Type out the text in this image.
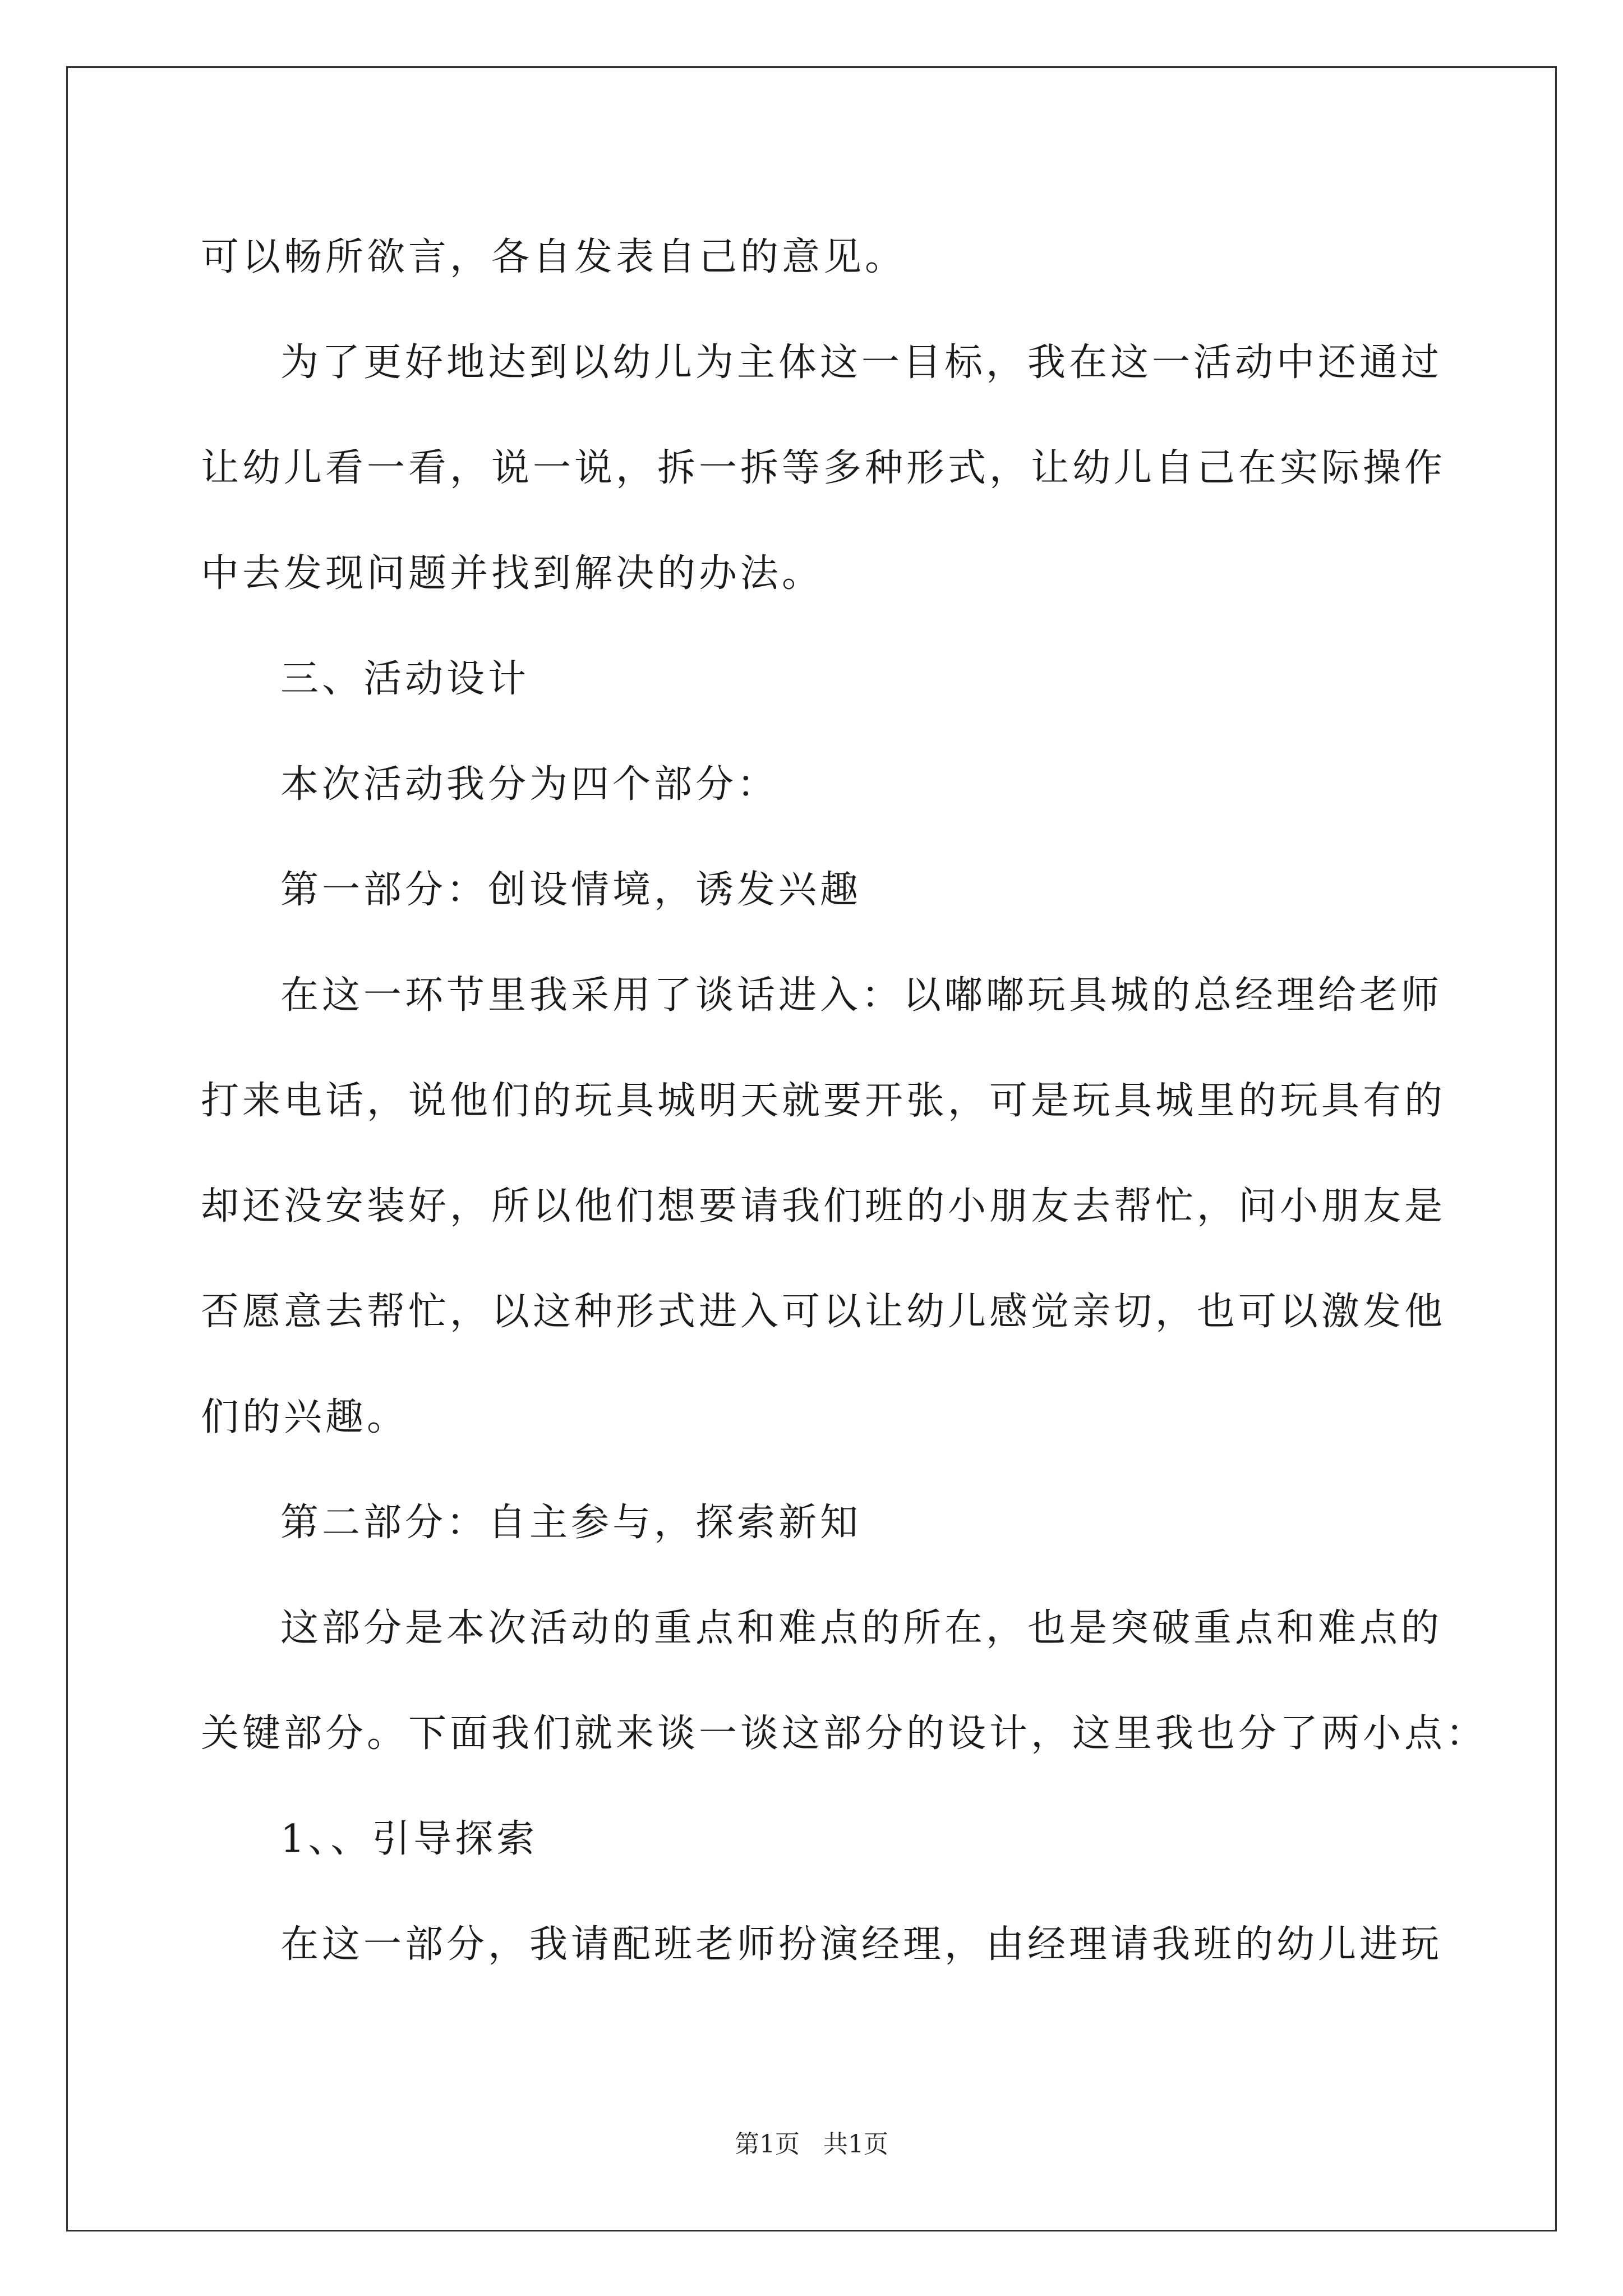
可以畅所欲言，各自发表自己的意见。

为了更好地达到以幼儿为主体这一目标，我在这一活动中还通过

让幼儿看一看，说一说，拆一拆等多种形式，让幼儿自己在实际操作

中去发现问题并找到解决的办法。

三、活动设计

本次活动我分为四个部分：

第一部分：创设情境，诱发兴趣

在这一环节里我采用了谈话进入：以嘟嘟玩具城的总经理给老师

打来电话，说他们的玩具城明天就要开张，可是玩具城里的玩具有的

却还没安装好，所以他们想要请我们班的小朋友去帮忙，问小朋友是

否愿意去帮忙，以这种形式进入可以让幼儿感觉亲切，也可以激发他

们的兴趣。

第二部分：自主参与，探索新知

这部分是本次活动的重点和难点的所在，也是突破重点和难点的

关键部分。下面我们就来谈一谈这部分的设计，这里我也分了两小点：

1、、引导探索

在这一部分，我请配班老师扮演经理，由经理请我班的幼儿进玩

第1页 共1页
